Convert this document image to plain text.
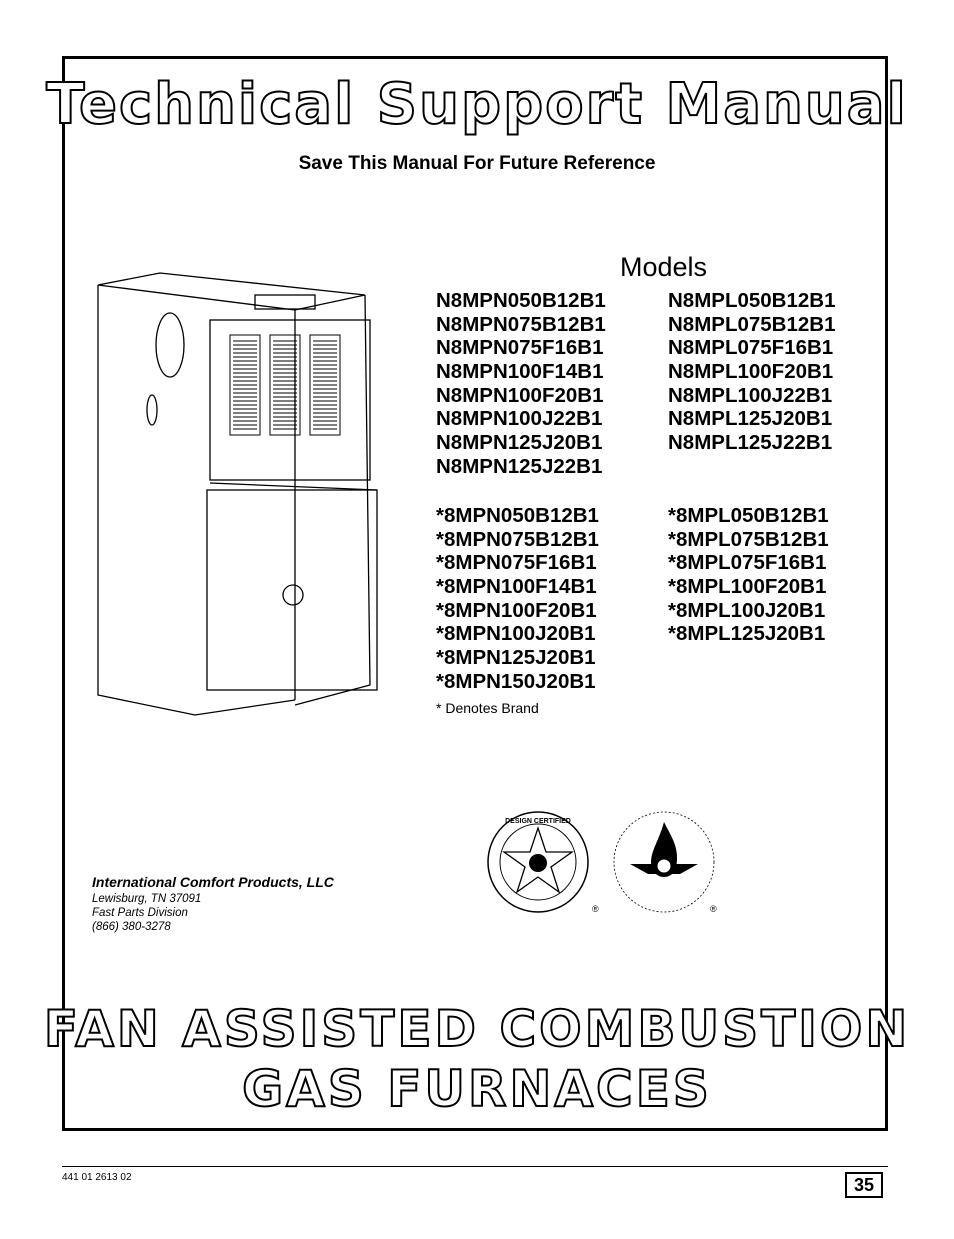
Technical Support Manual
Save This Manual For Future Reference
Models
N8MPN050B12B1
N8MPN075B12B1
N8MPN075F16B1
N8MPN100F14B1
N8MPN100F20B1
N8MPN100J22B1
N8MPN125J20B1
N8MPN125J22B1
N8MPL050B12B1
N8MPL075B12B1
N8MPL075F16B1
N8MPL100F20B1
N8MPL100J22B1
N8MPL125J20B1
N8MPL125J22B1
*8MPN050B12B1
*8MPN075B12B1
*8MPN075F16B1
*8MPN100F14B1
*8MPN100F20B1
*8MPN100J20B1
*8MPN125J20B1
*8MPN150J20B1
*8MPL050B12B1
*8MPL075B12B1
*8MPL075F16B1
*8MPL100F20B1
*8MPL100J20B1
*8MPL125J20B1
* Denotes Brand
DESIGN CERTIFIED
®	®
International Comfort Products, LLC
Lewisburg, TN 37091
Fast Parts Division
(866) 380-3278
FAN ASSISTED COMBUSTION
GAS FURNACES
441 01 2613 02	35
